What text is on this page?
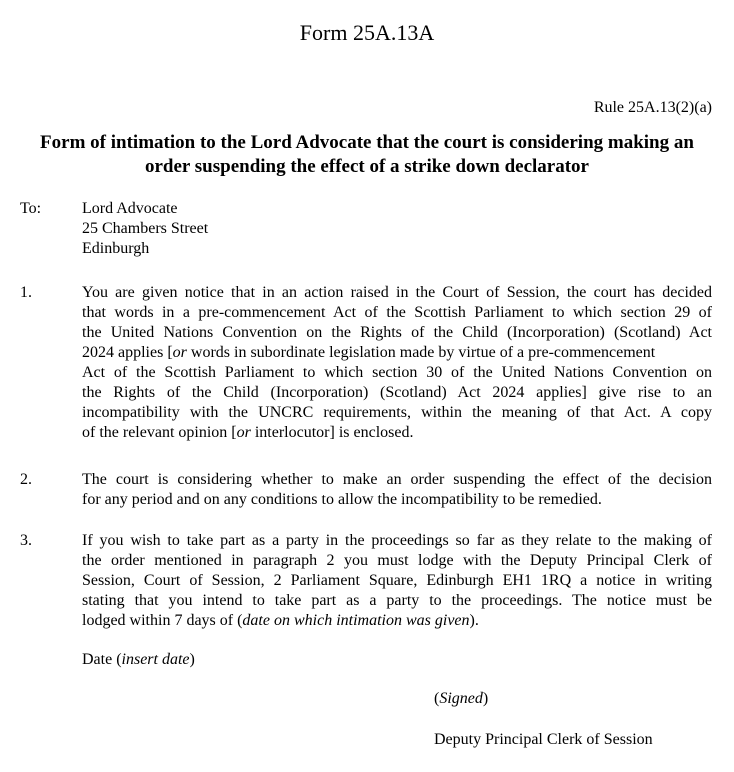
Form 25A.13A
Rule 25A.13(2)(a)
Form of intimation to the Lord Advocate that the court is considering making an
order suspending the effect of a strike down declarator
To:	Lord Advocate
25 Chambers Street
Edinburgh
1.	You are given notice that in an action raised in the Court of Session, the court has decided
that words in a pre-commencement Act of the Scottish Parliament to which section 29 of
the United Nations Convention on the Rights of the Child (Incorporation) (Scotland) Act
2024 applies [or words in subordinate legislation made by virtue of a pre-commencement
Act of the Scottish Parliament to which section 30 of the United Nations Convention on
the Rights of the Child (Incorporation) (Scotland) Act 2024 applies] give rise to an
incompatibility with the UNCRC requirements, within the meaning of that Act. A copy
of the relevant opinion [or interlocutor] is enclosed.
2.	The court is considering whether to make an order suspending the effect of the decision
for any period and on any conditions to allow the incompatibility to be remedied.
3.	If you wish to take part as a party in the proceedings so far as they relate to the making of
the order mentioned in paragraph 2 you must lodge with the Deputy Principal Clerk of
Session, Court of Session, 2 Parliament Square, Edinburgh EH1 1RQ a notice in writing
stating that you intend to take part as a party to the proceedings. The notice must be
lodged within 7 days of (date on which intimation was given).
Date (insert date)
(Signed)
Deputy Principal Clerk of Session
